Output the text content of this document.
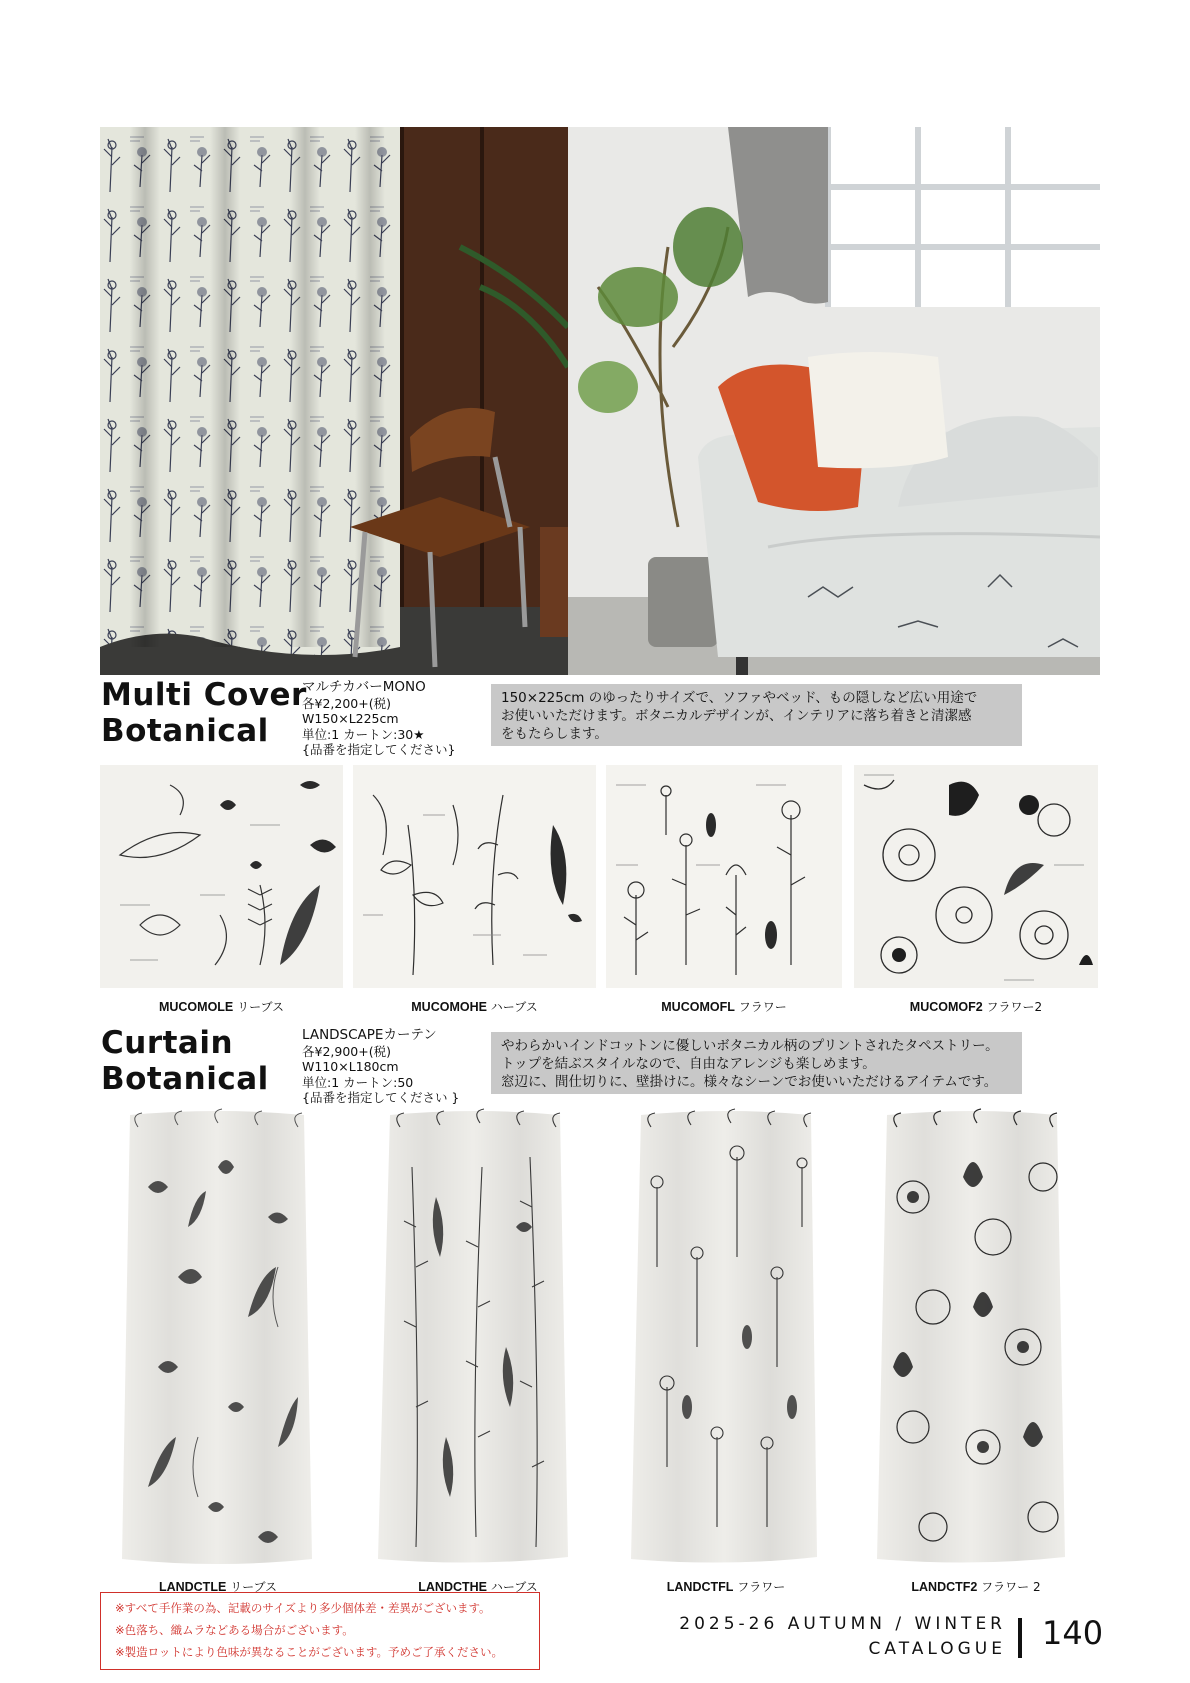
Multi Cover
Botanical
マルチカバーMONO
各¥2,200+(税)
W150×L225cm
単位:1 カートン:30★
{品番を指定してください}
150×225cm のゆったりサイズで、ソファやベッド、もの隠しなど広い用途で
お使いいただけます。ボタニカルデザインが、インテリアに落ち着きと清潔感
をもたらします。
MUCOMOLE リーブス	MUCOMOHE ハーブス	MUCOMOFL フラワー	MUCOMOF2 フラワー2
Curtain
Botanical
LANDSCAPEカーテン
各¥2,900+(税)
W110×L180cm
単位:1 カートン:50
{品番を指定してください }
やわらかいインドコットンに優しいボタニカル柄のプリントされたタペストリー。
トップを結ぶスタイルなので、自由なアレンジも楽しめます。
窓辺に、間仕切りに、壁掛けに。様々なシーンでお使いいただけるアイテムです。
LANDCTLE リーブス	LANDCTHE ハーブス	LANDCTFL フラワー	LANDCTF2 フラワー 2
※すべて手作業の為、記載のサイズより多少個体差・差異がございます。
※色落ち、織ムラなどある場合がございます。
※製造ロットにより色味が異なることがございます。予めご了承ください。
2025-26 AUTUMN / WINTER
CATALOGUE 140
